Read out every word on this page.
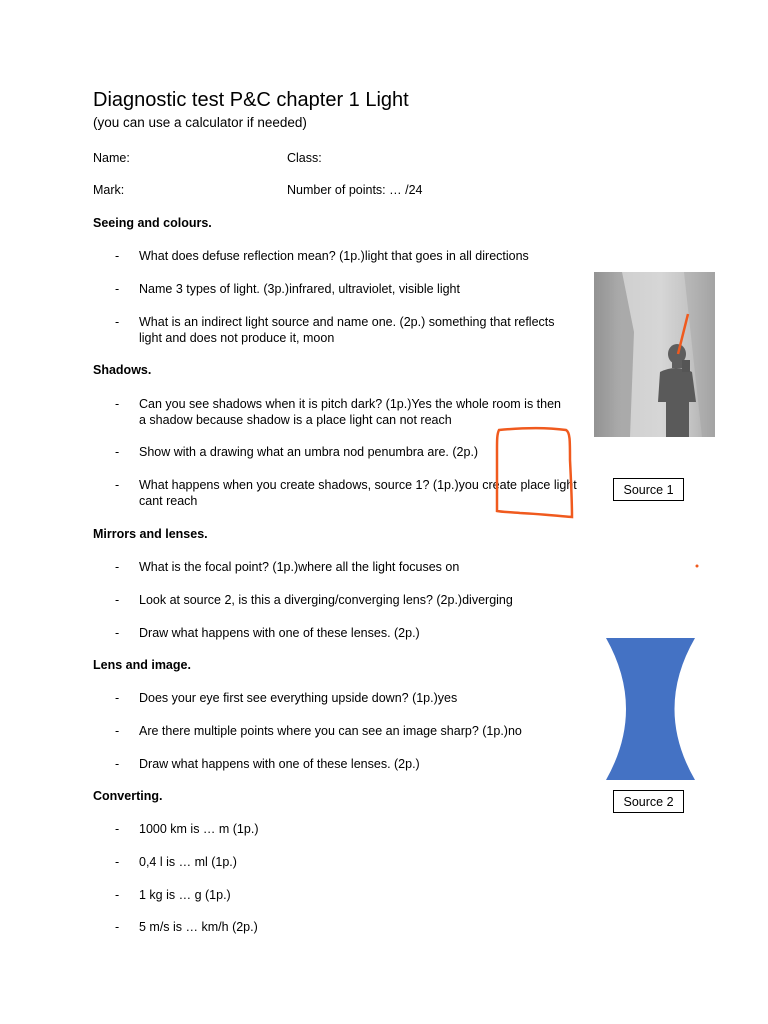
Diagnostic test P&C chapter 1 Light
(you can use a calculator if needed)
Name:	Class:
Mark:	Number of points: … /24
Seeing and colours.
- What does defuse reflection mean? (1p.)light that goes in all directions
- Name 3 types of light. (3p.)infrared, ultraviolet, visible light
- What is an indirect light source and name one. (2p.) something that reflects
light and does not produce it, moon
Shadows.
- Can you see shadows when it is pitch dark? (1p.)Yes the whole room is then
a shadow because shadow is a place light can not reach
- Show with a drawing what an umbra nod penumbra are. (2p.)
- What happens when you create shadows, source 1? (1p.)you create place light
cant reach
Mirrors and lenses.
- What is the focal point? (1p.)where all the light focuses on
- Look at source 2, is this a diverging/converging lens? (2p.)diverging
- Draw what happens with one of these lenses. (2p.)
Lens and image.
- Does your eye first see everything upside down? (1p.)yes
- Are there multiple points where you can see an image sharp? (1p.)no
- Draw what happens with one of these lenses. (2p.)
Converting.
- 1000 km is … m (1p.)
- 0,4 l is … ml (1p.)
- 1 kg is … g (1p.)
- 5 m/s is … km/h (2p.)
Source 1
Source 2
